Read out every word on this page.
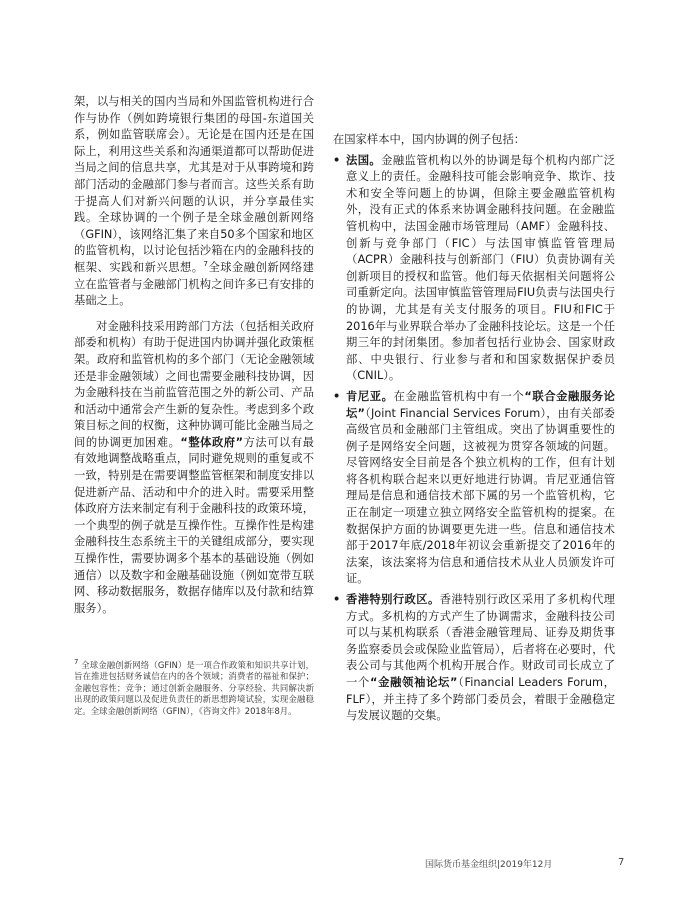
架，以与相关的国内当局和外国监管机构进行合作与协作（例如跨境银行集团的母国-东道国关系，例如监管联席会）。无论是在国内还是在国际上，利用这些关系和沟通渠道都可以帮助促进当局之间的信息共享，尤其是对于从事跨境和跨部门活动的金融部门参与者而言。这些关系有助于提高人们对新兴问题的认识，并分享最佳实践。全球协调的一个例子是全球金融创新网络（GFIN），该网络汇集了来自50多个国家和地区的监管机构，以讨论包括沙箱在内的金融科技的框架、实践和新兴思想。$^7$全球金融创新网络建立在监管者与金融部门机构之间许多已有安排的基础之上。

对金融科技采用跨部门方法（包括相关政府部委和机构）有助于促进国内协调并强化政策框架。政府和监管机构的多个部门（无论金融领域还是非金融领域）之间也需要金融科技协调，因为金融科技在当前监管范围之外的新公司、产品和活动中通常会产生新的复杂性。考虑到多个政策目标之间的权衡，这种协调可能比金融当局之间的协调更加困难。“整体政府”方法可以有最有效地调整战略重点，同时避免规则的重复或不一致，特别是在需要调整监管框架和制度安排以促进新产品、活动和中介的进入时。需要采用整体政府方法来制定有利于金融科技的政策环境，一个典型的例子就是互操作性。互操作性是构建金融科技生态系统主干的关键组成部分，要实现互操作性，需要协调多个基本的基础设施（例如通信）以及数字和金融基础设施（例如宽带互联网、移动数据服务，数据存储库以及付款和结算服务）。

$^7$ 全球金融创新网络（GFIN）是一项合作政策和知识共享计划，旨在推进包括财务诚信在内的各个领域；消费者的福祉和保护；金融包容性；竞争；通过创新金融服务、分享经验、共同解决新出现的政策问题以及促进负责任的新思想跨境试验，实现金融稳定。全球金融创新网络（GFIN），《咨询文件》2018年8月。

在国家样本中，国内协调的例子包括：

• 法国。金融监管机构以外的协调是每个机构内部广泛意义上的责任。金融科技可能会影响竞争、欺诈、技术和安全等问题上的协调，但除主要金融监管机构外，没有正式的体系来协调金融科技问题。在金融监管机构中，法国金融市场管理局（AMF）金融科技、创新与竞争部门（FIC）与法国审慎监管管理局（ACPR）金融科技与创新部门（FIU）负责协调有关创新项目的授权和监管。他们每天依据相关问题将公司重新定向。法国审慎监管管理局FIU负责与法国央行的协调，尤其是有关支付服务的项目。FIU和FIC于2016年与业界联合举办了金融科技论坛。这是一个任期三年的封闭集团。参加者包括行业协会、国家财政部、中央银行、行业参与者和和国家数据保护委员（CNIL）。
• 肯尼亚。在金融监管机构中有一个“联合金融服务论坛”（Joint Financial Services Forum），由有关部委高级官员和金融部门主管组成。突出了协调重要性的例子是网络安全问题，这被视为贯穿各领域的问题。尽管网络安全目前是各个独立机构的工作，但有计划将各机构联合起来以更好地进行协调。肯尼亚通信管理局是信息和通信技术部下属的另一个监管机构，它正在制定一项建立独立网络安全监管机构的提案。在数据保护方面的协调要更先进一些。信息和通信技术部于2017年底/2018年初议会重新提交了2016年的法案，该法案将为信息和通信技术从业人员颁发许可证。
• 香港特别行政区。香港特别行政区采用了多机构代理方式。多机构的方式产生了协调需求，金融科技公司可以与某机构联系（香港金融管理局、证券及期货事务监察委员会或保险业监管局），后者将在必要时，代表公司与其他两个机构开展合作。财政司司长成立了一个“金融领袖论坛”（Financial Leaders Forum，FLF），并主持了多个跨部门委员会，着眼于金融稳定与发展议题的交集。
国际货币基金组织|2019年12月	7
